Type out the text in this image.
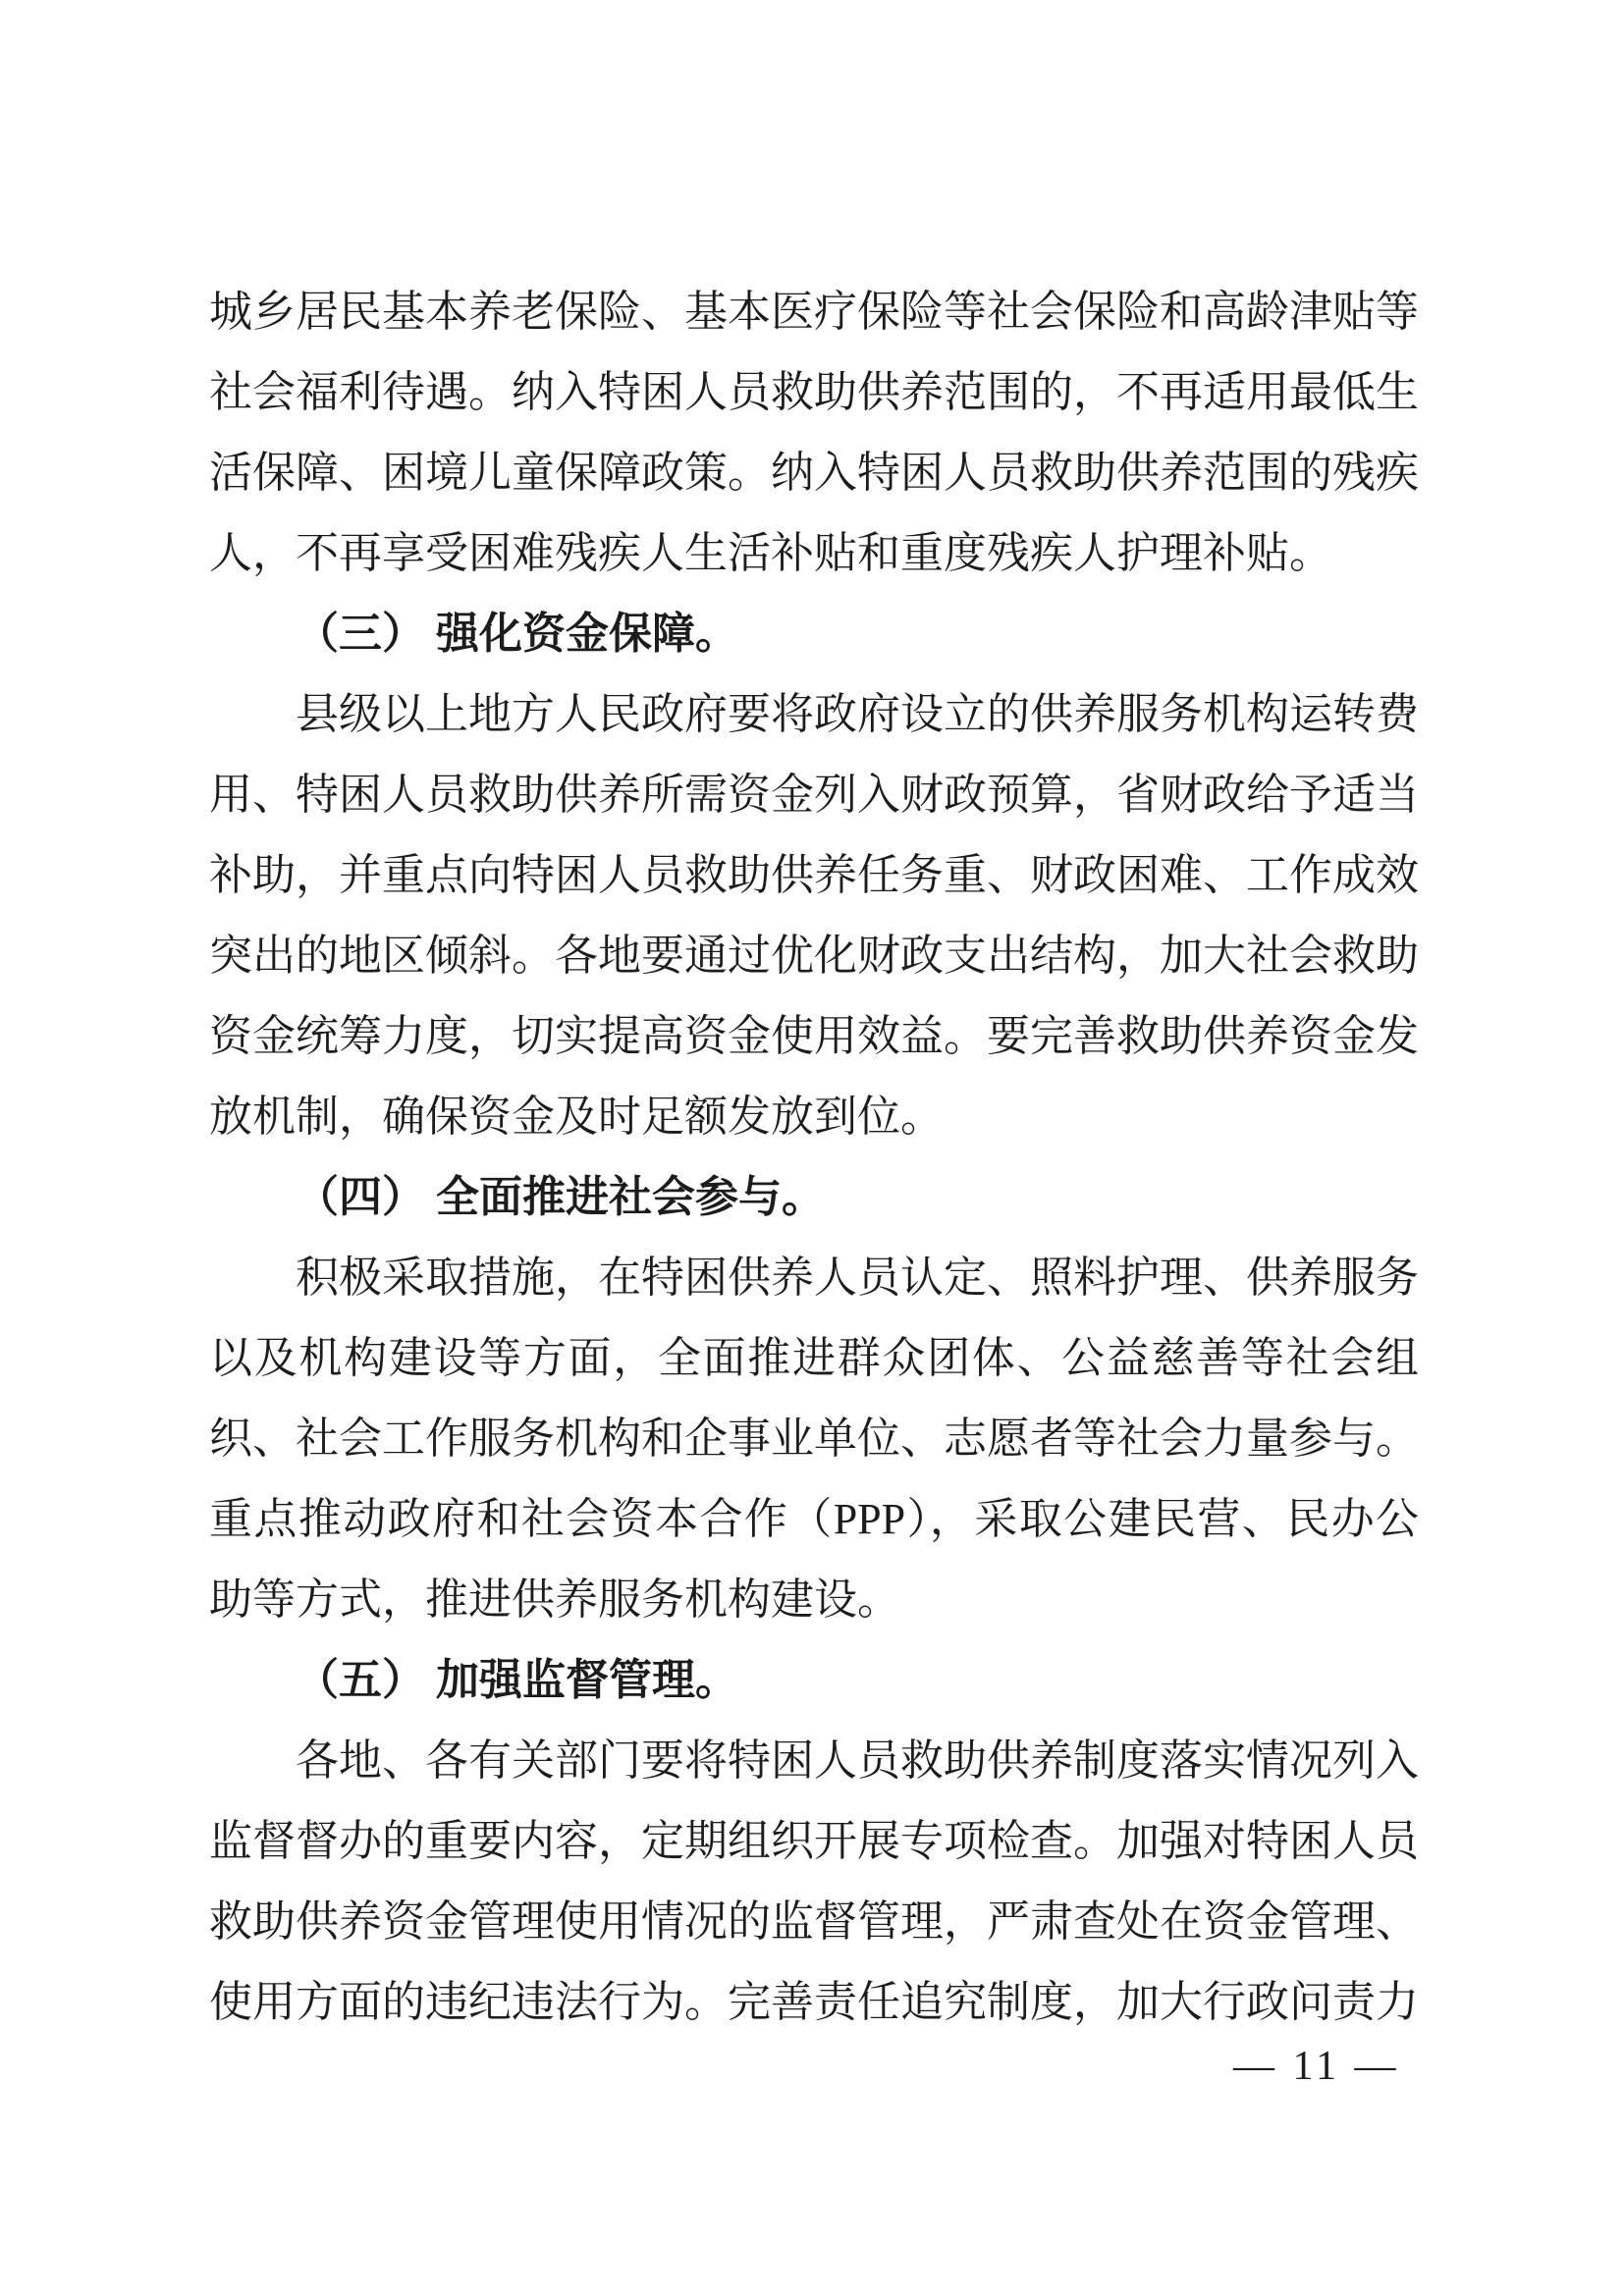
城乡居民基本养老保险、基本医疗保险等社会保险和高龄津贴等
社会福利待遇。纳入特困人员救助供养范围的，不再适用最低生
活保障、困境儿童保障政策。纳入特困人员救助供养范围的残疾
人，不再享受困难残疾人生活补贴和重度残疾人护理补贴。
（三） 强化资金保障。
县级以上地方人民政府要将政府设立的供养服务机构运转费
用、特困人员救助供养所需资金列入财政预算，省财政给予适当
补助，并重点向特困人员救助供养任务重、财政困难、工作成效
突出的地区倾斜。各地要通过优化财政支出结构，加大社会救助
资金统筹力度，切实提高资金使用效益。要完善救助供养资金发
放机制，确保资金及时足额发放到位。
（四） 全面推进社会参与。
积极采取措施，在特困供养人员认定、照料护理、供养服务
以及机构建设等方面，全面推进群众团体、公益慈善等社会组
织、社会工作服务机构和企事业单位、志愿者等社会力量参与。
重点推动政府和社会资本合作（PPP），采取公建民营、民办公
助等方式，推进供养服务机构建设。
（五） 加强监督管理。
各地、各有关部门要将特困人员救助供养制度落实情况列入
监督督办的重要内容，定期组织开展专项检查。加强对特困人员
救助供养资金管理使用情况的监督管理，严肃查处在资金管理、
使用方面的违纪违法行为。完善责任追究制度，加大行政问责力
— 11 —
